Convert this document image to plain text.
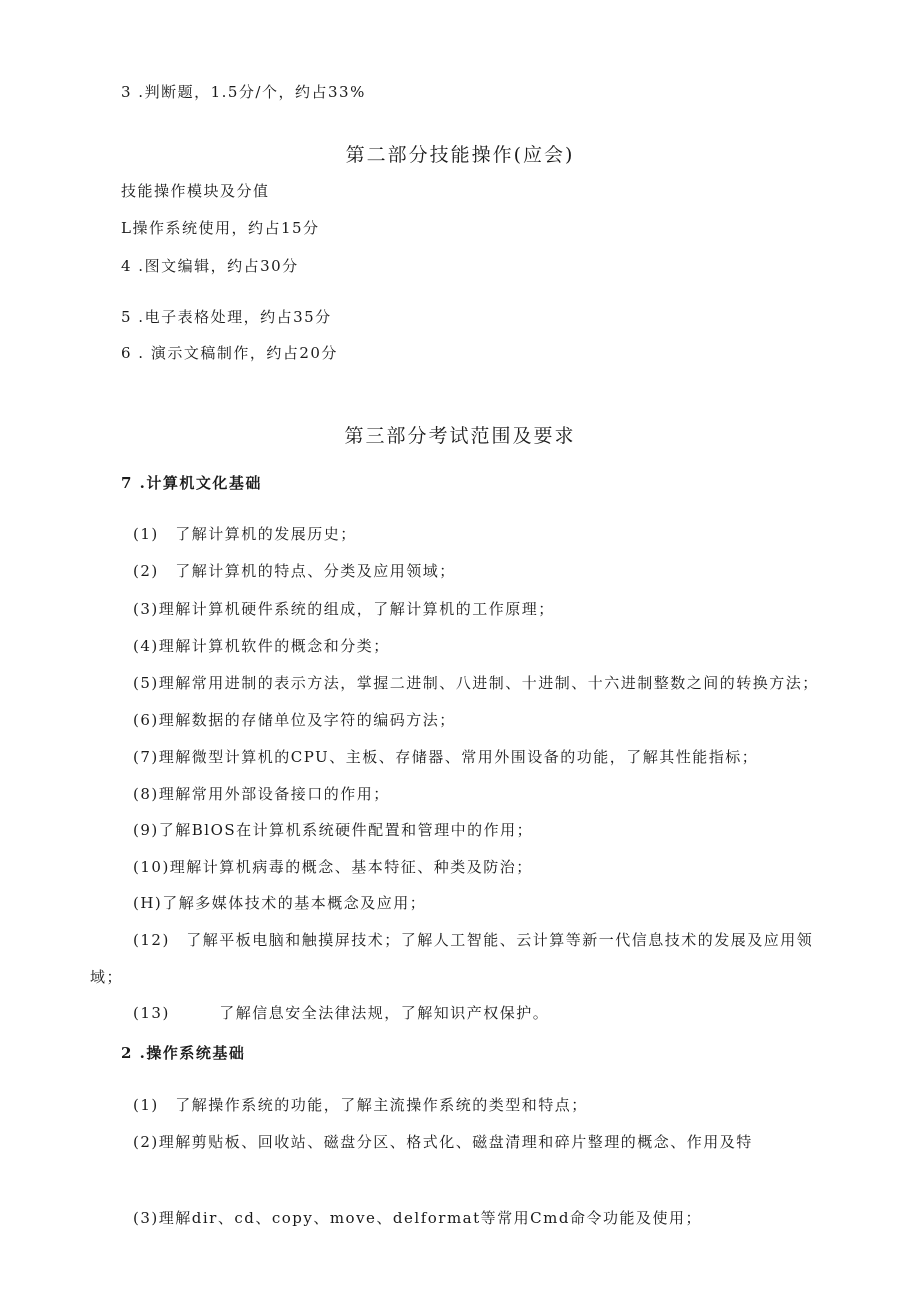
3 .判断题，1.5分/个，约占33%
第二部分技能操作(应会)
技能操作模块及分值
L操作系统使用，约占15分
4 .图文编辑，约占30分
5 .电子表格处理，约占35分
6 . 演示文稿制作，约占20分
第三部分考试范围及要求
7 .计算机文化基础
(1)　了解计算机的发展历史；
(2)　了解计算机的特点、分类及应用领域；
(3)理解计算机硬件系统的组成，了解计算机的工作原理；
(4)理解计算机软件的概念和分类；
(5)理解常用进制的表示方法，掌握二进制、八进制、十进制、十六进制整数之间的转换方法；
(6)理解数据的存储单位及字符的编码方法；
(7)理解微型计算机的CPU、主板、存储器、常用外围设备的功能，了解其性能指标；
(8)理解常用外部设备接口的作用；
(9)了解BlOS在计算机系统硬件配置和管理中的作用；
(10)理解计算机病毒的概念、基本特征、种类及防治；
(H)了解多媒体技术的基本概念及应用；
(12)　了解平板电脑和触摸屏技术；了解人工智能、云计算等新一代信息技术的发展及应用领
域；
(13)　　　了解信息安全法律法规，了解知识产权保护。
2 .操作系统基础
(1)　了解操作系统的功能，了解主流操作系统的类型和特点；
(2)理解剪贴板、回收站、磁盘分区、格式化、磁盘清理和碎片整理的概念、作用及特
(3)理解dir、cd、copy、move、delformat等常用Cmd命令功能及使用；
